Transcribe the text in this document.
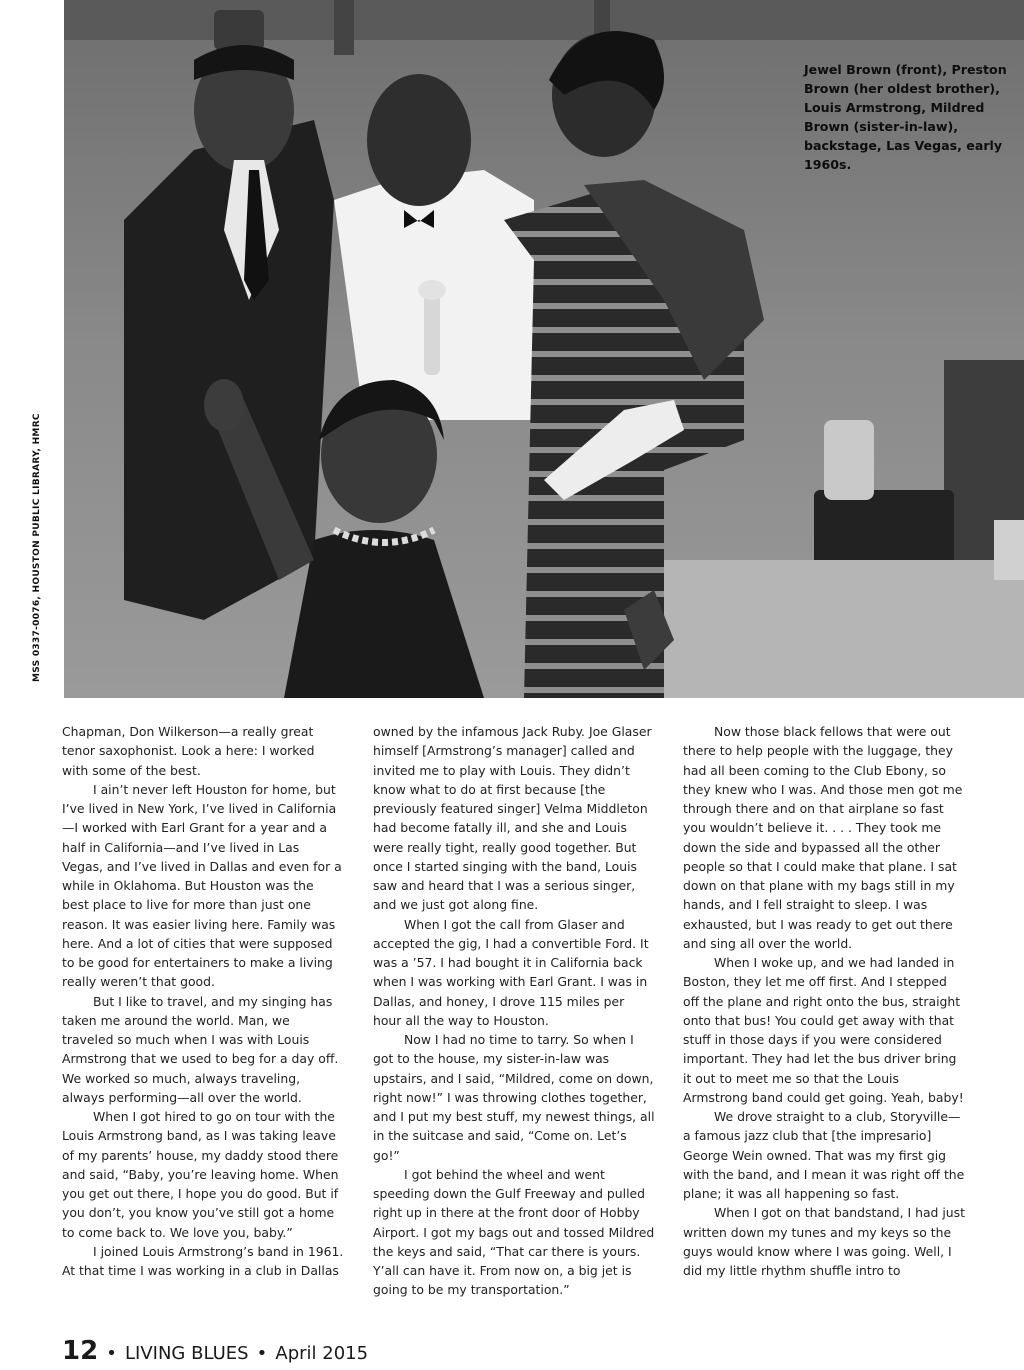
Jewel Brown (front), Preston Brown (her oldest brother), Louis Armstrong, Mildred Brown (sister-in-law), backstage, Las Vegas, early 1960s.
MSS 0337-0076, HOUSTON PUBLIC LIBRARY, HMRC

Chapman, Don Wilkerson—a really great tenor saxophonist. Look a here: I worked with some of the best.

I ain’t never left Houston for home, but I’ve lived in New York, I’ve lived in California—I worked with Earl Grant for a year and a half in California—and I’ve lived in Las Vegas, and I’ve lived in Dallas and even for a while in Oklahoma. But Houston was the best place to live for more than just one reason. It was easier living here. Family was here. And a lot of cities that were supposed to be good for entertainers to make a living really weren’t that good.

But I like to travel, and my singing has taken me around the world. Man, we traveled so much when I was with Louis Armstrong that we used to beg for a day off. We worked so much, always traveling, always performing—all over the world.

When I got hired to go on tour with the Louis Armstrong band, as I was taking leave of my parents’ house, my daddy stood there and said, “Baby, you’re leaving home. When you get out there, I hope you do good. But if you don’t, you know you’ve still got a home to come back to. We love you, baby.”

I joined Louis Armstrong’s band in 1961. At that time I was working in a club in Dallas

owned by the infamous Jack Ruby. Joe Glaser himself [Armstrong’s manager] called and invited me to play with Louis. They didn’t know what to do at first because [the previously featured singer] Velma Middleton had become fatally ill, and she and Louis were really tight, really good together. But once I started singing with the band, Louis saw and heard that I was a serious singer, and we just got along fine.

When I got the call from Glaser and accepted the gig, I had a convertible Ford. It was a ’57. I had bought it in California back when I was working with Earl Grant. I was in Dallas, and honey, I drove 115 miles per hour all the way to Houston.

Now I had no time to tarry. So when I got to the house, my sister-in-law was upstairs, and I said, “Mildred, come on down, right now!” I was throwing clothes together, and I put my best stuff, my newest things, all in the suitcase and said, “Come on. Let’s go!”

I got behind the wheel and went speeding down the Gulf Freeway and pulled right up in there at the front door of Hobby Airport. I got my bags out and tossed Mildred the keys and said, “That car there is yours. Y’all can have it. From now on, a big jet is going to be my transportation.”

Now those black fellows that were out there to help people with the luggage, they had all been coming to the Club Ebony, so they knew who I was. And those men got me through there and on that airplane so fast you wouldn’t believe it. . . . They took me down the side and bypassed all the other people so that I could make that plane. I sat down on that plane with my bags still in my hands, and I fell straight to sleep. I was exhausted, but I was ready to get out there and sing all over the world.

When I woke up, and we had landed in Boston, they let me off first. And I stepped off the plane and right onto the bus, straight onto that bus! You could get away with that stuff in those days if you were considered important. They had let the bus driver bring it out to meet me so that the Louis Armstrong band could get going. Yeah, baby!

We drove straight to a club, Storyville—a famous jazz club that [the impresario] George Wein owned. That was my first gig with the band, and I mean it was right off the plane; it was all happening so fast.

When I got on that bandstand, I had just written down my tunes and my keys so the guys would know where I was going. Well, I did my little rhythm shuffle intro to

12 • LIVING BLUES • April 2015
